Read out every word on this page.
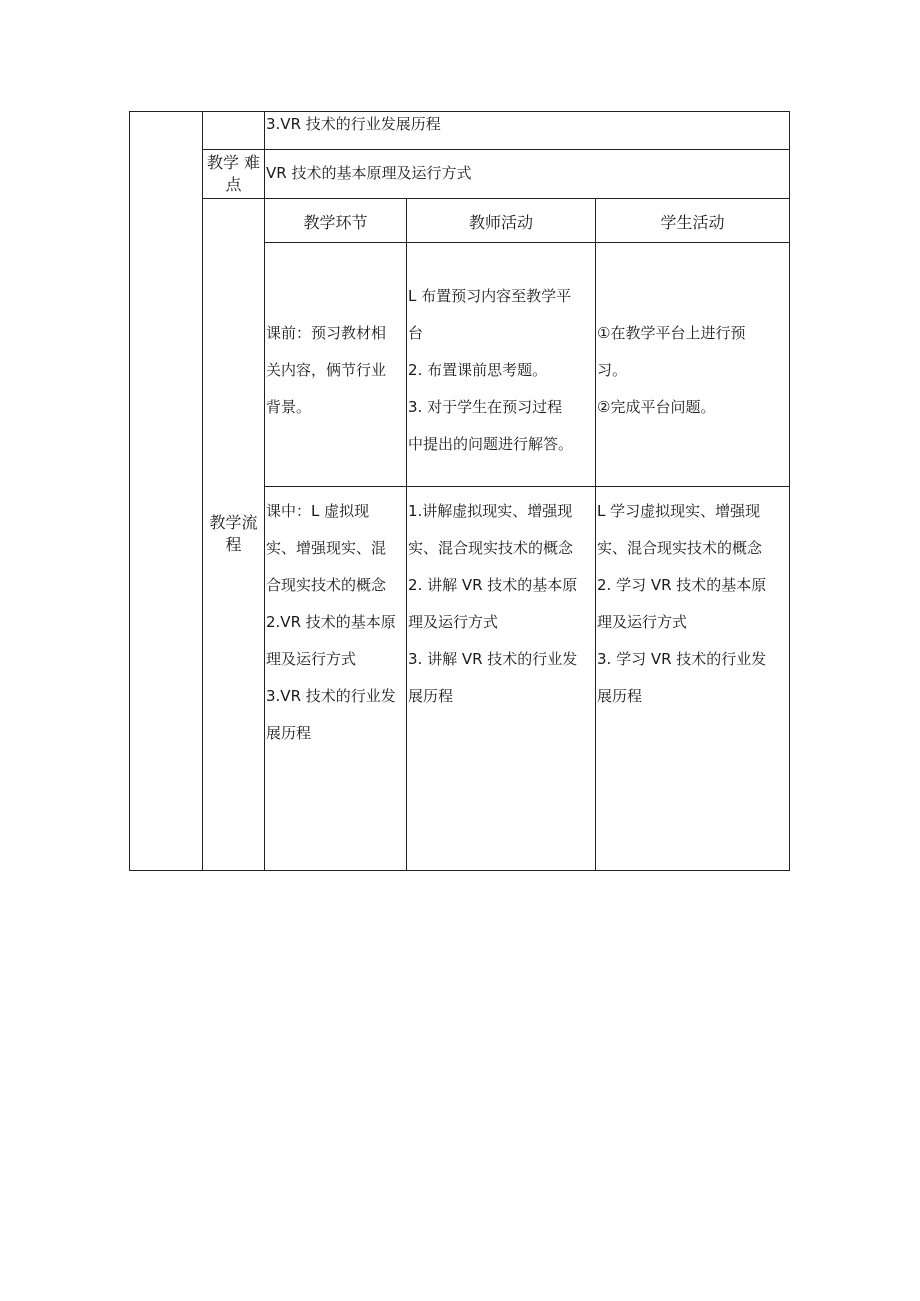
3.VR 技术的行业发展历程
教学 难点
VR 技术的基本原理及运行方式
教学流 程
教学环节	教师活动	学生活动
课前：预习教材相
关内容，俩节行业
背景。
L 布置预习内容至教学平
台
2. 布置课前思考题。
3. 对于学生在预习过程
中提出的问题进行解答。
①在教学平台上进行预
习。
②完成平台问题。
课中：L 虚拟现
实、增强现实、混
合现实技术的概念
2.VR 技术的基本原
理及运行方式
3.VR 技术的行业发
展历程
1.讲解虚拟现实、增强现
实、混合现实技术的概念
2. 讲解 VR 技术的基本原
理及运行方式
3. 讲解 VR 技术的行业发
展历程
L 学习虚拟现实、增强现
实、混合现实技术的概念
2. 学习 VR 技术的基本原
理及运行方式
3. 学习 VR 技术的行业发
展历程
